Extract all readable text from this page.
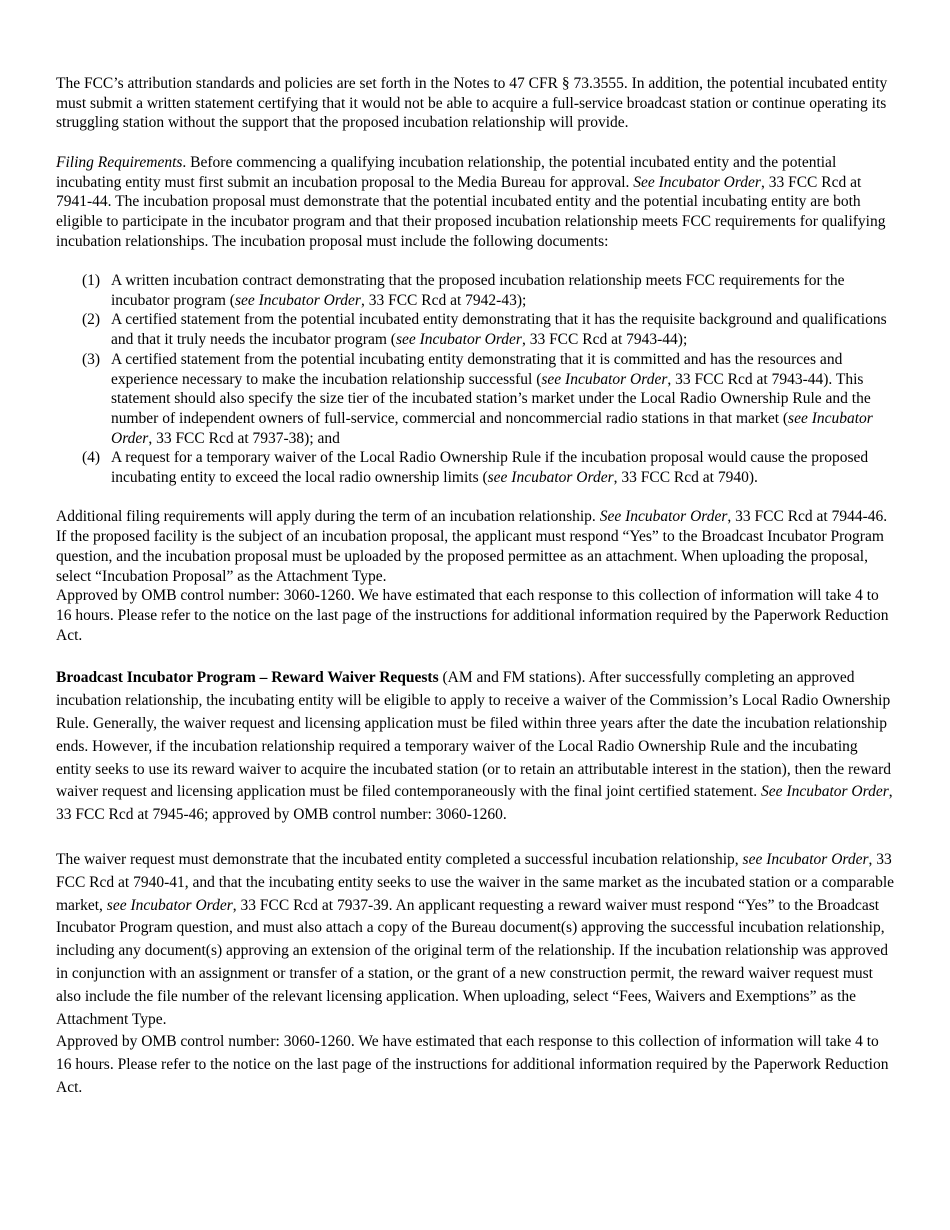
The FCC’s attribution standards and policies are set forth in the Notes to 47 CFR § 73.3555. In addition, the potential incubated entity must submit a written statement certifying that it would not be able to acquire a full-service broadcast station or continue operating its struggling station without the support that the proposed incubation relationship will provide.

Filing Requirements. Before commencing a qualifying incubation relationship, the potential incubated entity and the potential incubating entity must first submit an incubation proposal to the Media Bureau for approval. See Incubator Order, 33 FCC Rcd at 7941-44. The incubation proposal must demonstrate that the potential incubated entity and the potential incubating entity are both eligible to participate in the incubator program and that their proposed incubation relationship meets FCC requirements for qualifying incubation relationships. The incubation proposal must include the following documents:

(1) A written incubation contract demonstrating that the proposed incubation relationship meets FCC requirements for the incubator program (see Incubator Order, 33 FCC Rcd at 7942-43);
(2) A certified statement from the potential incubated entity demonstrating that it has the requisite background and qualifications and that it truly needs the incubator program (see Incubator Order, 33 FCC Rcd at 7943-44);
(3) A certified statement from the potential incubating entity demonstrating that it is committed and has the resources and experience necessary to make the incubation relationship successful (see Incubator Order, 33 FCC Rcd at 7943-44). This statement should also specify the size tier of the incubated station’s market under the Local Radio Ownership Rule and the number of independent owners of full-service, commercial and noncommercial radio stations in that market (see Incubator Order, 33 FCC Rcd at 7937-38); and
(4) A request for a temporary waiver of the Local Radio Ownership Rule if the incubation proposal would cause the proposed incubating entity to exceed the local radio ownership limits (see Incubator Order, 33 FCC Rcd at 7940).

Additional filing requirements will apply during the term of an incubation relationship. See Incubator Order, 33 FCC Rcd at 7944-46. If the proposed facility is the subject of an incubation proposal, the applicant must respond “Yes” to the Broadcast Incubator Program question, and the incubation proposal must be uploaded by the proposed permittee as an attachment. When uploading the proposal, select “Incubation Proposal” as the Attachment Type.

Approved by OMB control number: 3060-1260. We have estimated that each response to this collection of information will take 4 to 16 hours. Please refer to the notice on the last page of the instructions for additional information required by the Paperwork Reduction Act.

Broadcast Incubator Program – Reward Waiver Requests (AM and FM stations). After successfully completing an approved incubation relationship, the incubating entity will be eligible to apply to receive a waiver of the Commission’s Local Radio Ownership Rule. Generally, the waiver request and licensing application must be filed within three years after the date the incubation relationship ends. However, if the incubation relationship required a temporary waiver of the Local Radio Ownership Rule and the incubating entity seeks to use its reward waiver to acquire the incubated station (or to retain an attributable interest in the station), then the reward waiver request and licensing application must be filed contemporaneously with the final joint certified statement. See Incubator Order, 33 FCC Rcd at 7945-46; approved by OMB control number: 3060-1260.

The waiver request must demonstrate that the incubated entity completed a successful incubation relationship, see Incubator Order, 33 FCC Rcd at 7940-41, and that the incubating entity seeks to use the waiver in the same market as the incubated station or a comparable market, see Incubator Order, 33 FCC Rcd at 7937-39. An applicant requesting a reward waiver must respond “Yes” to the Broadcast Incubator Program question, and must also attach a copy of the Bureau document(s) approving the successful incubation relationship, including any document(s) approving an extension of the original term of the relationship. If the incubation relationship was approved in conjunction with an assignment or transfer of a station, or the grant of a new construction permit, the reward waiver request must also include the file number of the relevant licensing application. When uploading, select “Fees, Waivers and Exemptions” as the Attachment Type.

Approved by OMB control number: 3060-1260. We have estimated that each response to this collection of information will take 4 to 16 hours. Please refer to the notice on the last page of the instructions for additional information required by the Paperwork Reduction Act.
